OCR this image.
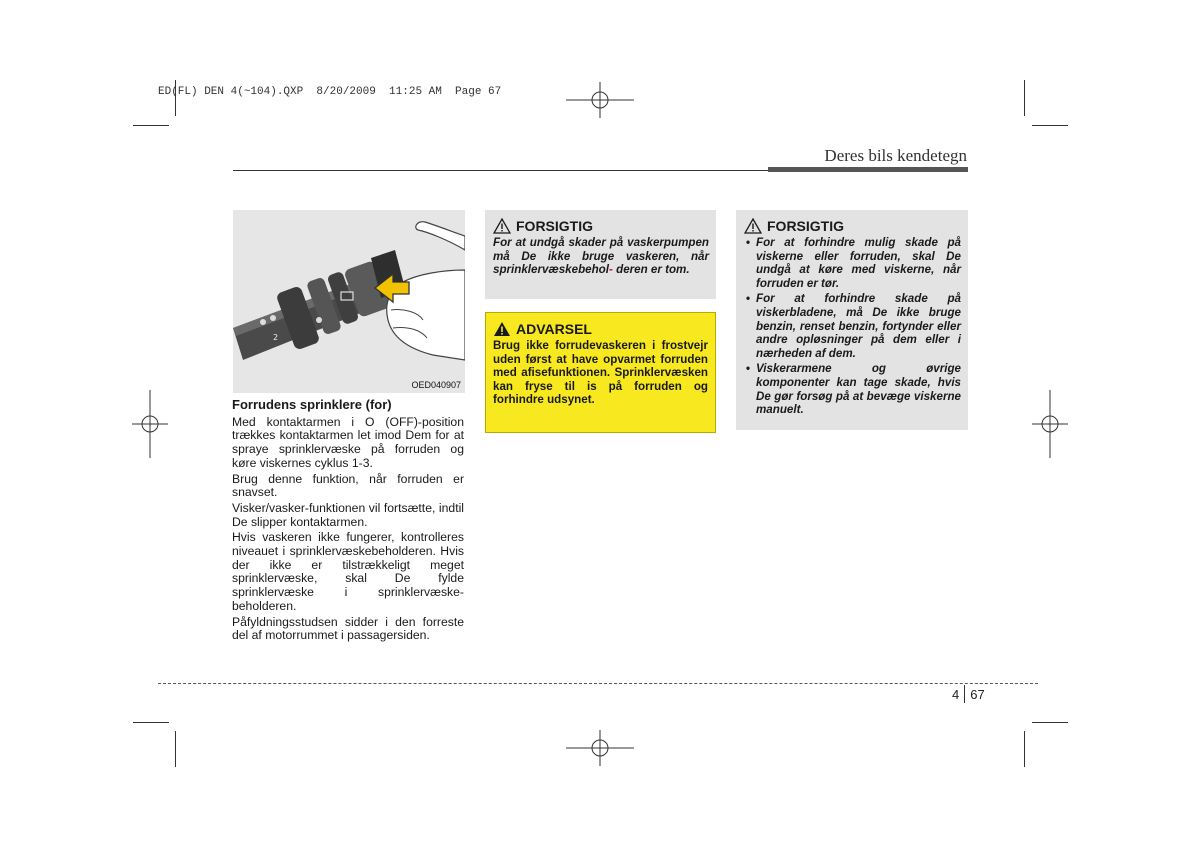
ED(FL) DEN 4(~104).QXP  8/20/2009  11:25 AM  Page 67
Deres bils kendetegn
2	O
OED040907
Forrudens sprinklere (for)

Med kontaktarmen i O (OFF)-position trækkes kontaktarmen let imod Dem for at spraye sprinklervæske på forruden og køre viskernes cyklus 1-3.

Brug denne funktion, når forruden er snavset.

Visker/vasker-funktionen vil fortsætte, indtil De slipper kontaktarmen.

Hvis vaskeren ikke fungerer, kontrolleres niveauet i sprinklervæskebeholderen. Hvis der ikke er tilstrækkeligt meget sprinklervæske, skal De fylde sprinklervæske i sprinklervæske-beholderen.

Påfyldningsstudsen sidder i den forreste del af motorrummet i passagersiden.

FORSIGTIG
For at undgå skader på vaskerpumpen må De ikke bruge vaskeren, når sprinklervæskebehol- deren er tom.
ADVARSEL
Brug ikke forrudevaskeren i frostvejr uden først at have opvarmet forruden med afisefunktionen. Sprinklervæsken kan fryse til is på forruden og forhindre udsynet.
FORSIGTIG
• For at forhindre mulig skade på viskerne eller forruden, skal De undgå at køre med viskerne, når forruden er tør.
• For at forhindre skade på viskerbladene, må De ikke bruge benzin, renset benzin, fortynder eller andre opløsninger på dem eller i nærheden af dem.
• Viskerarmene og øvrige komponenter kan tage skade, hvis De gør forsøg på at bevæge viskerne manuelt.
4 67
